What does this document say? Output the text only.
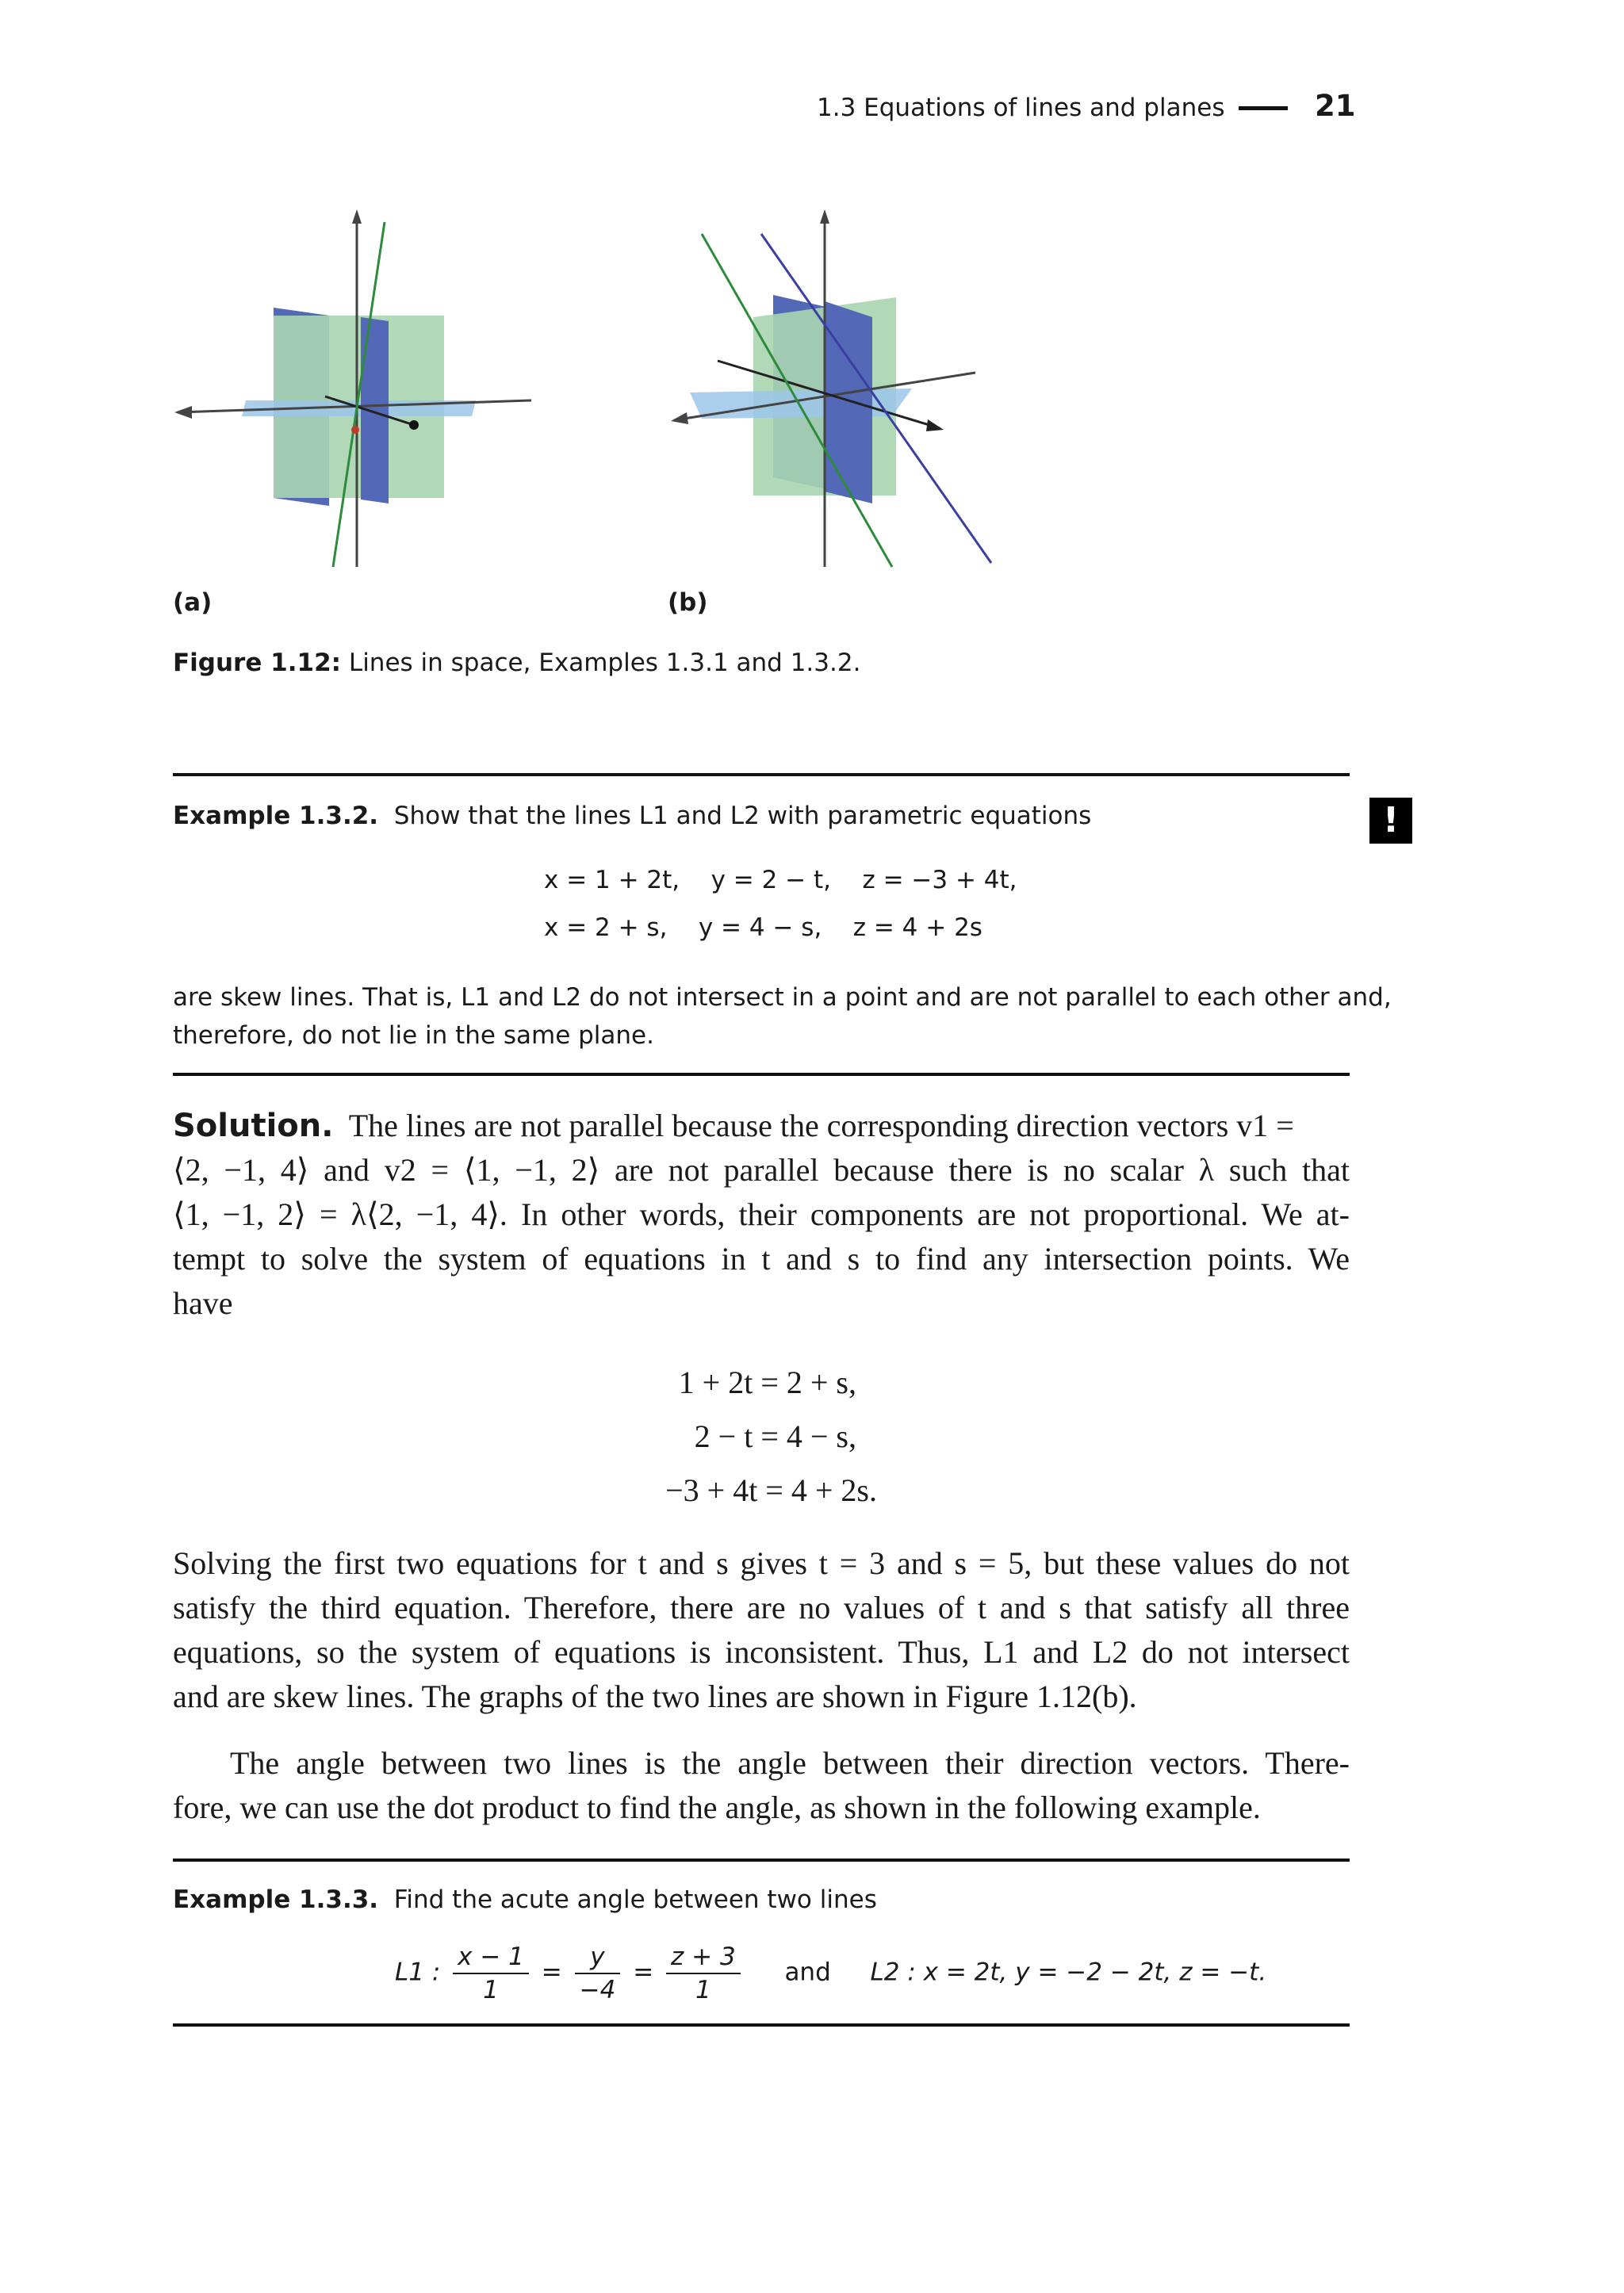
1.3 Equations of lines and planes	21
(a)	(b)
Figure 1.12: Lines in space, Examples 1.3.1 and 1.3.2.
!
Example 1.3.2. Show that the lines L1 and L2 with parametric equations
x = 1 + 2t,    y = 2 − t,    z = −3 + 4t,
x = 2 + s,    y = 4 − s,    z = 4 + 2s
are skew lines. That is, L1 and L2 do not intersect in a point and are not parallel to each other and,
therefore, do not lie in the same plane.
Solution. The lines are not parallel because the corresponding direction vectors v1 =
⟨2, −1, 4⟩ and v2 = ⟨1, −1, 2⟩ are not parallel because there is no scalar λ such that
⟨1, −1, 2⟩ = λ⟨2, −1, 4⟩. In other words, their components are not proportional. We at-
tempt to solve the system of equations in t and s to find any intersection points. We
have
1 + 2t = 2 + s,
2 − t = 4 − s,
−3 + 4t = 4 + 2s.
Solving the first two equations for t and s gives t = 3 and s = 5, but these values do not
satisfy the third equation. Therefore, there are no values of t and s that satisfy all three
equations, so the system of equations is inconsistent. Thus, L1 and L2 do not intersect
and are skew lines. The graphs of the two lines are shown in Figure 1.12(b).
The angle between two lines is the angle between their direction vectors. There-
fore, we can use the dot product to find the angle, as shown in the following example.
Example 1.3.3. Find the acute angle between two lines
L1 : $\frac{x - 1}{1} = \frac{y}{-4} = \frac{z + 3}{1}$ and L2 : x = 2t, y = −2 − 2t, z = −t.
